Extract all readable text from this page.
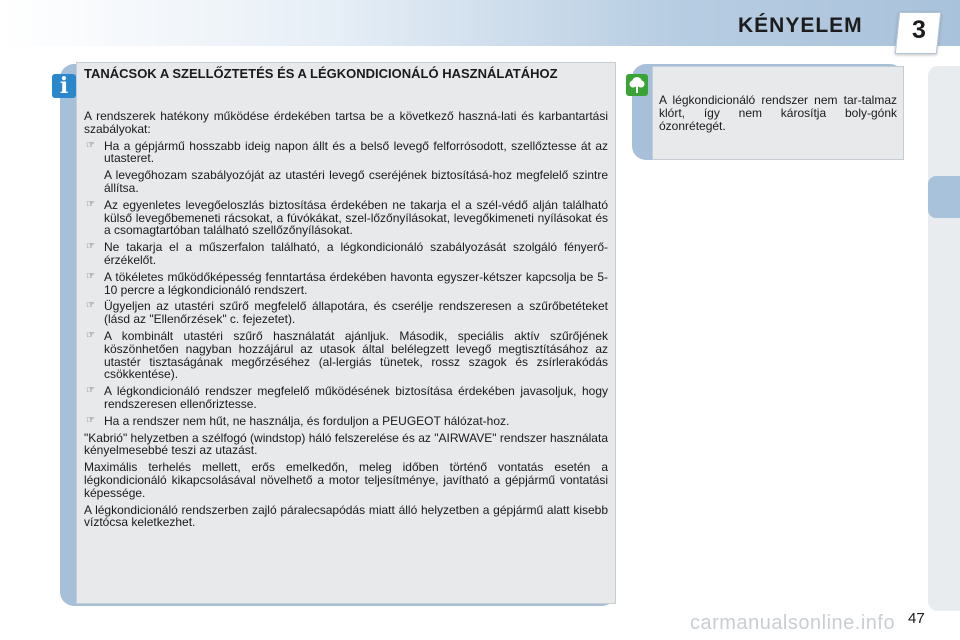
KÉNYELEM 3
i	TANÁCSOK A SZELLŐZTETÉS ÉS A LÉGKONDICIONÁLÓ HASZNÁLATÁHOZ

A rendszerek hatékony működése érdekében tartsa be a következő haszná-lati és karbantartási szabályokat:

☞ Ha a gépjármű hosszabb ideig napon állt és a belső levegő felforrósodott, szellőztesse át az utasteret.
A levegőhozam szabályozóját az utastéri levegő cseréjének biztosításá-hoz megfelelő szintre állítsa.
☞ Az egyenletes levegőeloszlás biztosítása érdekében ne takarja el a szél-védő alján található külső levegőbemeneti rácsokat, a fúvókákat, szel-lőzőnyílásokat, levegőkimeneti nyílásokat és a csomagtartóban található szellőzőnyílásokat.
☞ Ne takarja el a műszerfalon található, a légkondicionáló szabályozását szolgáló fényerő-érzékelőt.
☞ A tökéletes működőképesség fenntartása érdekében havonta egyszer-kétszer kapcsolja be 5-10 percre a légkondicionáló rendszert.
☞ Ügyeljen az utastéri szűrő megfelelő állapotára, és cserélje rendszeresen a szűrőbetéteket (lásd az "Ellenőrzések" c. fejezetet).
☞ A kombinált utastéri szűrő használatát ajánljuk. Második, speciális aktív szűrőjének köszönhetően nagyban hozzájárul az utasok által belélegzett levegő megtisztításához az utastér tisztaságának megőrzéséhez (al-lergiás tünetek, rossz szagok és zsírlerakódás csökkentése).
☞ A légkondicionáló rendszer megfelelő működésének biztosítása érdekében javasoljuk, hogy rendszeresen ellenőriztesse.
☞ Ha a rendszer nem hűt, ne használja, és forduljon a PEUGEOT hálózat-hoz.

"Kabrió" helyzetben a szélfogó (windstop) háló felszerelése és az "AIRWAVE" rendszer használata kényelmesebbé teszi az utazást.

Maximális terhelés mellett, erős emelkedőn, meleg időben történő vontatás esetén a légkondicionáló kikapcsolásával növelhető a motor teljesítménye, javítható a gépjármű vontatási képessége.

A légkondicionáló rendszerben zajló páralecsapódás miatt álló helyzetben a gépjármű alatt kisebb víztócsa keletkezhet.

A légkondicionáló rendszer nem tar-talmaz klórt, így nem károsítja boly-gónk ózonrétegét.
carmanualsonline.info 47
